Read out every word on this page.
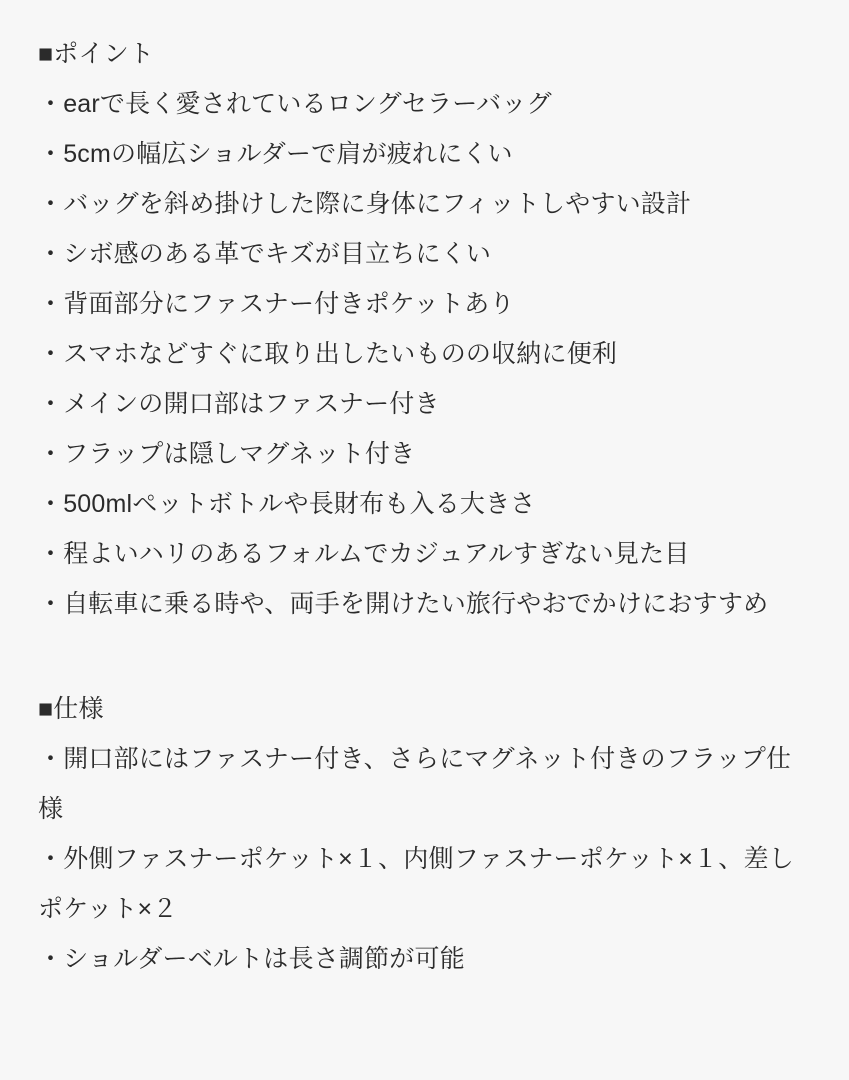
■ポイント

・earで長く愛されているロングセラーバッグ
・5cmの幅広ショルダーで肩が疲れにくい
・バッグを斜め掛けした際に身体にフィットしやすい設計
・シボ感のある革でキズが目立ちにくい
・背面部分にファスナー付きポケットあり
・スマホなどすぐに取り出したいものの収納に便利
・メインの開口部はファスナー付き
・フラップは隠しマグネット付き
・500mlペットボトルや長財布も入る大きさ
・程よいハリのあるフォルムでカジュアルすぎない見た目
・自転車に乗る時や、両手を開けたい旅行やおでかけにおすすめ

■仕様

・開口部にはファスナー付き、さらにマグネット付きのフラップ仕様
・外側ファスナーポケット×１、内側ファスナーポケット×１、差しポケット×２
・ショルダーベルトは長さ調節が可能
